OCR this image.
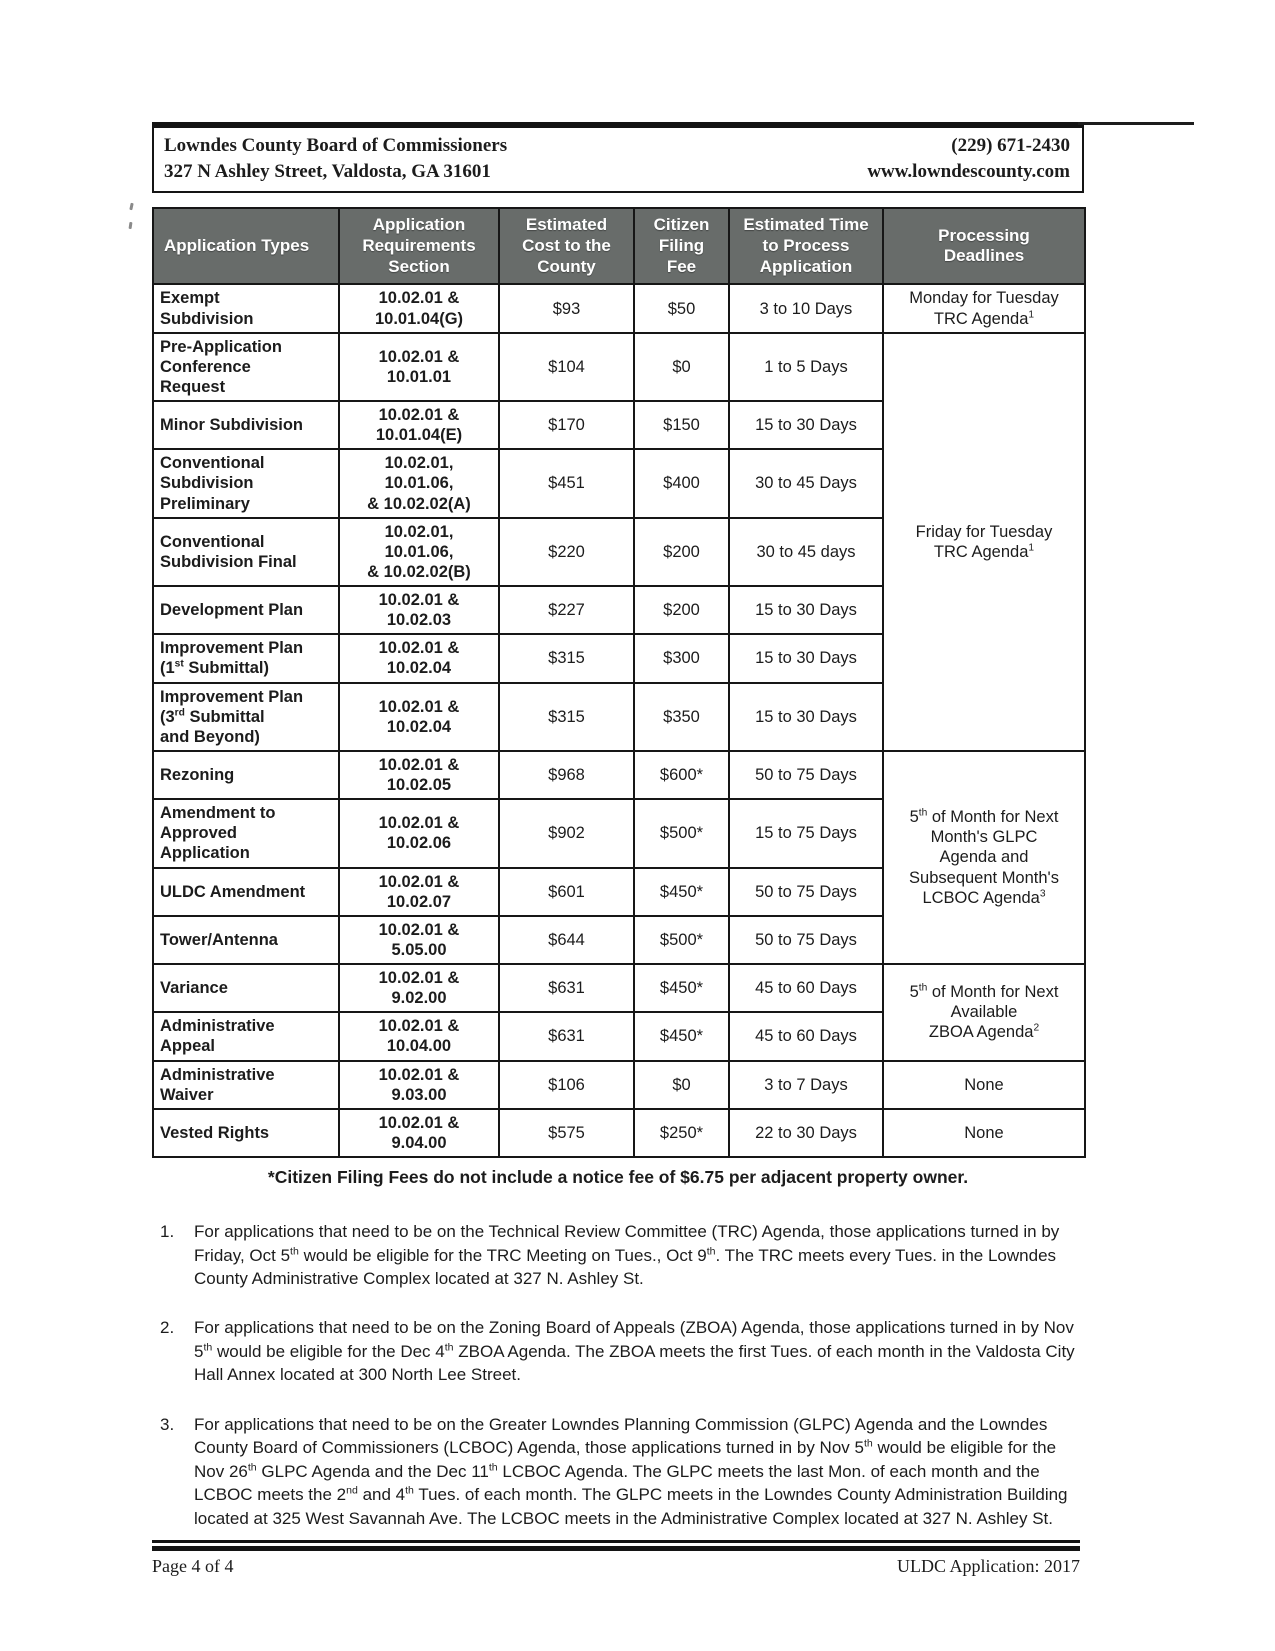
Lowndes County Board of Commissioners
327 N Ashley Street, Valdosta, GA 31601
(229) 671-2430
www.lowndescounty.com
Application Types	Application
Requirements
Section	Estimated
Cost to the
County	Citizen
Filing
Fee	Estimated Time
to Process
Application	Processing
Deadlines
Exempt
Subdivision	10.02.01 &
10.01.04(G)	$93	$50	3 to 10 Days	Monday for Tuesday
TRC Agenda$^1$
Pre-Application
Conference
Request	10.02.01 &
10.01.01	$104	$0	1 to 5 Days	Friday for Tuesday
TRC Agenda$^1$
Minor Subdivision	10.02.01 &
10.01.04(E)	$170	$150	15 to 30 Days	
Conventional
Subdivision
Preliminary	10.02.01,
10.01.06,
& 10.02.02(A)	$451	$400	30 to 45 Days	
Conventional
Subdivision Final	10.02.01,
10.01.06,
& 10.02.02(B)	$220	$200	30 to 45 days	
Development Plan	10.02.01 &
10.02.03	$227	$200	15 to 30 Days	
Improvement Plan
(1st Submittal)	10.02.01 &
10.02.04	$315	$300	15 to 30 Days	
Improvement Plan
(3rd Submittal
and Beyond)	10.02.01 &
10.02.04	$315	$350	15 to 30 Days	
Rezoning	10.02.01 &
10.02.05	$968	$600*	50 to 75 Days	5th of Month for Next
Month's GLPC
Agenda and
Subsequent Month's
LCBOC Agenda$^3$
Amendment to
Approved
Application	10.02.01 &
10.02.06	$902	$500*	15 to 75 Days	
ULDC Amendment	10.02.01 &
10.02.07	$601	$450*	50 to 75 Days	
Tower/Antenna	10.02.01 &
5.05.00	$644	$500*	50 to 75 Days	
Variance	10.02.01 &
9.02.00	$631	$450*	45 to 60 Days	5th of Month for Next
Available
ZBOA Agenda$^2$
Administrative
Appeal	10.02.01 &
10.04.00	$631	$450*	45 to 60 Days	
Administrative
Waiver	10.02.01 &
9.03.00	$106	$0	3 to 7 Days	None
Vested Rights	10.02.01 &
9.04.00	$575	$250*	22 to 30 Days	None
*Citizen Filing Fees do not include a notice fee of $6.75 per adjacent property owner.
1.	For applications that need to be on the Technical Review Committee (TRC) Agenda, those applications turned in by Friday, Oct 5th would be eligible for the TRC Meeting on Tues., Oct 9th. The TRC meets every Tues. in the Lowndes County Administrative Complex located at 327 N. Ashley St.
2.	For applications that need to be on the Zoning Board of Appeals (ZBOA) Agenda, those applications turned in by Nov 5th would be eligible for the Dec 4th ZBOA Agenda. The ZBOA meets the first Tues. of each month in the Valdosta City Hall Annex located at 300 North Lee Street.
3.	For applications that need to be on the Greater Lowndes Planning Commission (GLPC) Agenda and the Lowndes County Board of Commissioners (LCBOC) Agenda, those applications turned in by Nov 5th would be eligible for the Nov 26th GLPC Agenda and the Dec 11th LCBOC Agenda. The GLPC meets the last Mon. of each month and the LCBOC meets the 2nd and 4th Tues. of each month. The GLPC meets in the Lowndes County Administration Building located at 325 West Savannah Ave. The LCBOC meets in the Administrative Complex located at 327 N. Ashley St.
Page 4 of 4	ULDC Application: 2017
